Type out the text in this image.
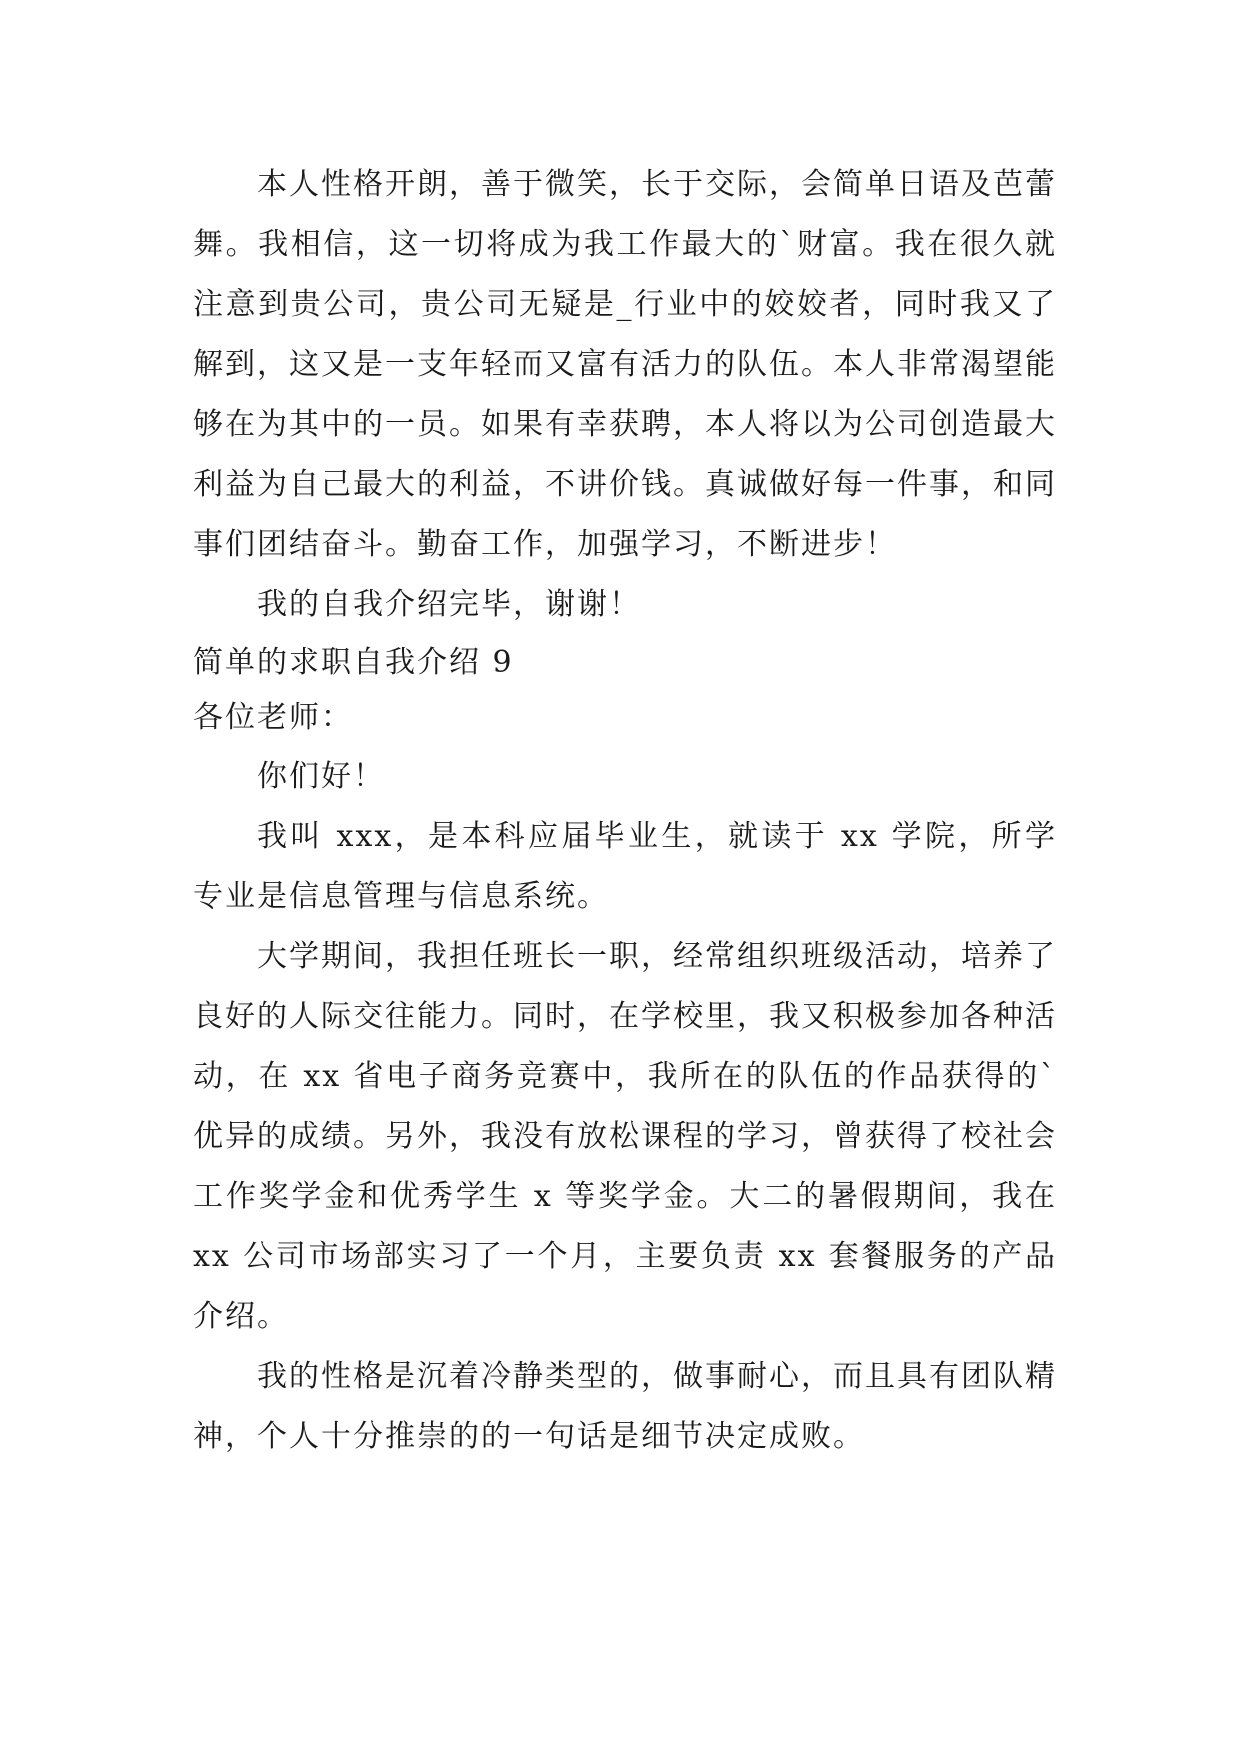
本人性格开朗，善于微笑，长于交际，会简单日语及芭蕾舞。我相信，这一切将成为我工作最大的`财富。我在很久就注意到贵公司，贵公司无疑是_行业中的姣姣者，同时我又了解到，这又是一支年轻而又富有活力的队伍。本人非常渴望能够在为其中的一员。如果有幸获聘，本人将以为公司创造最大利益为自己最大的利益，不讲价钱。真诚做好每一件事，和同事们团结奋斗。勤奋工作，加强学习，不断进步！

我的自我介绍完毕，谢谢！

简单的求职自我介绍 9

各位老师：

你们好！

我叫 xxx，是本科应届毕业生，就读于 xx 学院，所学专业是信息管理与信息系统。

大学期间，我担任班长一职，经常组织班级活动，培养了良好的人际交往能力。同时，在学校里，我又积极参加各种活动，在 xx 省电子商务竞赛中，我所在的队伍的作品获得的`优异的成绩。另外，我没有放松课程的学习，曾获得了校社会工作奖学金和优秀学生 x 等奖学金。大二的暑假期间，我在 xx 公司市场部实习了一个月，主要负责 xx 套餐服务的产品介绍。

我的性格是沉着冷静类型的，做事耐心，而且具有团队精神，个人十分推崇的的一句话是细节决定成败。
